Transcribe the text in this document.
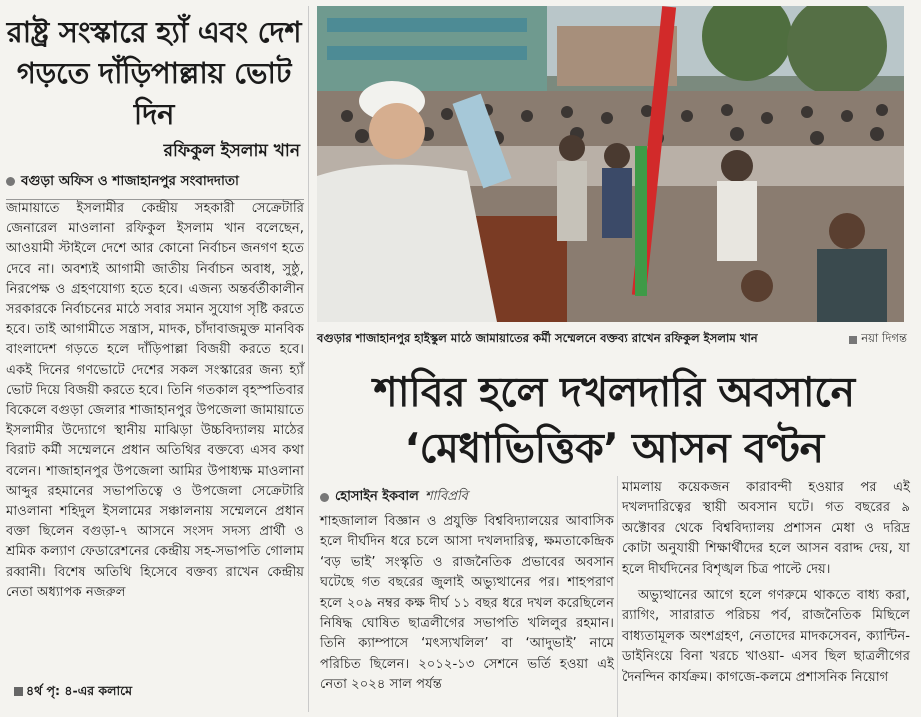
রাষ্ট্র সংস্কারে হ্যাঁ এবং দেশ গড়তে দাঁড়িপাল্লায় ভোট দিন
রফিকুল ইসলাম খান
বগুড়া অফিস ও শাজাহানপুর সংবাদদাতা

জামায়াতে ইসলামীর কেন্দ্রীয় সহকারী সেক্রেটারি জেনারেল মাওলানা রফিকুল ইসলাম খান বলেছেন, আওয়ামী স্টাইলে দেশে আর কোনো নির্বাচন জনগণ হতে দেবে না। অবশ্যই আগামী জাতীয় নির্বাচন অবাধ, সুষ্ঠু, নিরপেক্ষ ও গ্রহণযোগ্য হতে হবে। এজন্য অন্তর্বর্তীকালীন সরকারকে নির্বাচনের মাঠে সবার সমান সুযোগ সৃষ্টি করতে হবে। তাই আগামীতে সন্ত্রাস, মাদক, চাঁদাবাজমুক্ত মানবিক বাংলাদেশ গড়তে হলে দাঁড়িপাল্লা বিজয়ী করতে হবে। একই দিনের গণভোটে দেশের সকল সংস্কারের জন্য হ্যাঁ ভোট দিয়ে বিজয়ী করতে হবে। তিনি গতকাল বৃহস্পতিবার বিকেলে বগুড়া জেলার শাজাহানপুর উপজেলা জামায়াতে ইসলামীর উদ্যোগে স্থানীয় মাঝিড়া উচ্চবিদ্যালয় মাঠের বিরাট কর্মী সম্মেলনে প্রধান অতিথির বক্তব্যে এসব কথা বলেন। শাজাহানপুর উপজেলা আমির উপাধ্যক্ষ মাওলানা আব্দুর রহমানের সভাপতিত্বে ও উপজেলা সেক্রেটারি মাওলানা শহিদুল ইসলামের সঞ্চালনায় সম্মেলনে প্রধান বক্তা ছিলেন বগুড়া-৭ আসনে সংসদ সদস্য প্রার্থী ও শ্রমিক কল্যাণ ফেডারেশনের কেন্দ্রীয় সহ-সভাপতি গোলাম রব্বানী। বিশেষ অতিথি হিসেবে বক্তব্য রাখেন কেন্দ্রীয় নেতা অধ্যাপক নজরুল

৪র্থ পৃ: ৪-এর কলামে
বগুড়ার শাজাহানপুর হাইস্কুল মাঠে জামায়াতের কর্মী সম্মেলনে বক্তব্য রাখেন রফিকুল ইসলাম খান	নয়া দিগন্ত
শাবির হলে দখলদারি অবসানে
‘মেধাভিত্তিক’ আসন বণ্টন
হোসাইন ইকবাল শাবিপ্রবি
শাহজালাল বিজ্ঞান ও প্রযুক্তি বিশ্ববিদ্যালয়ের আবাসিক হলে দীর্ঘদিন ধরে চলে আসা দখলদারিত্ব, ক্ষমতাকেন্দ্রিক ‘বড় ভাই’ সংস্কৃতি ও রাজনৈতিক প্রভাবের অবসান ঘটেছে গত বছরের জুলাই অভ্যুত্থানের পর। শাহপরাণ হলে ২০৯ নম্বর কক্ষ দীর্ঘ ১১ বছর ধরে দখল করেছিলেন নিষিদ্ধ ঘোষিত ছাত্রলীগের সভাপতি খলিলুর রহমান। তিনি ক্যাম্পাসে ‘মৎস্যখলিল’ বা ‘আদুভাই’ নামে পরিচিত ছিলেন। ২০১২-১৩ সেশনে ভর্তি হওয়া এই নেতা ২০২৪ সাল পর্যন্ত

মামলায় কয়েকজন কারাবন্দী হওয়ার পর এই দখলদারিত্বের স্থায়ী অবসান ঘটে। গত বছরের ৯ অক্টোবর থেকে বিশ্ববিদ্যালয় প্রশাসন মেধা ও দরিদ্র কোটা অনুযায়ী শিক্ষার্থীদের হলে আসন বরাদ্দ দেয়, যা হলে দীর্ঘদিনের বিশৃঙ্খল চিত্র পাল্টে দেয়।

অভ্যুত্থানের আগে হলে গণরুমে থাকতে বাধ্য করা, র‍্যাগিং, সারারাত পরিচয় পর্ব, রাজনৈতিক মিছিলে বাধ্যতামূলক অংশগ্রহণ, নেতাদের মাদকসেবন, ক্যান্টিন-ডাইনিংয়ে বিনা খরচে খাওয়া- এসব ছিল ছাত্রলীগের দৈনন্দিন কার্যক্রম। কাগজে-কলমে প্রশাসনিক নিয়োগ
